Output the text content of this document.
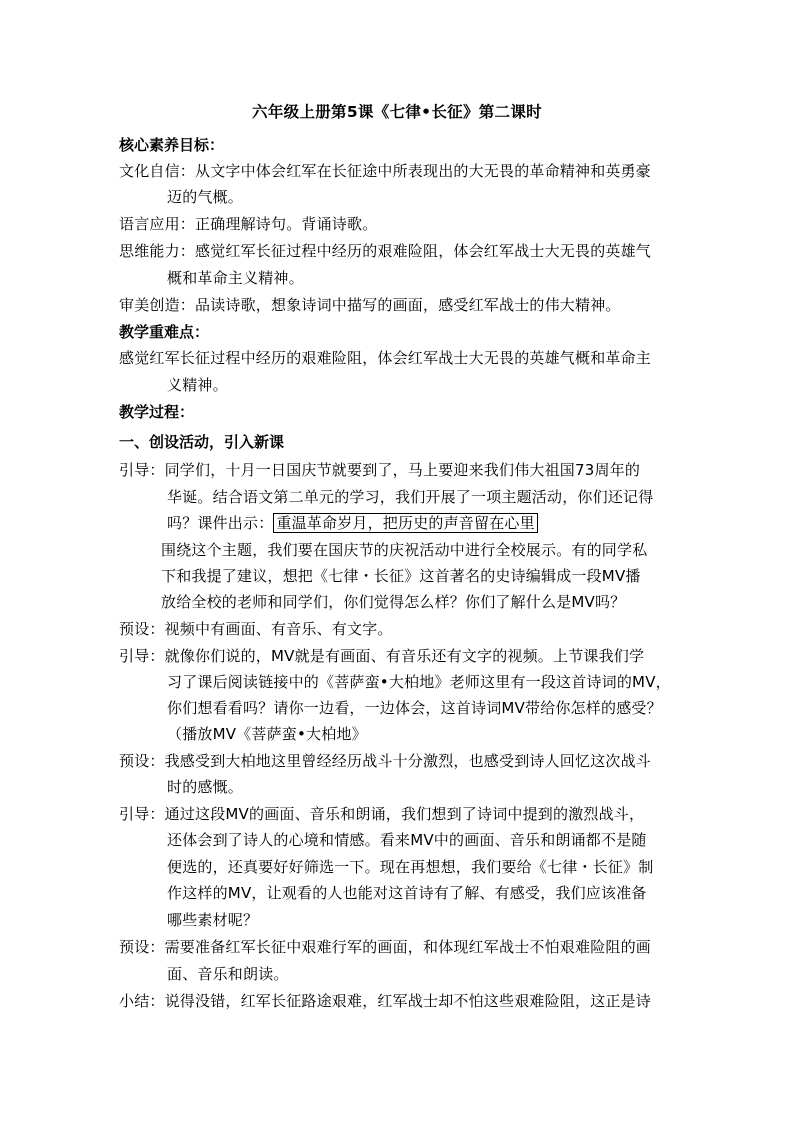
六年级上册第5课《七律•长征》第二课时
核心素养目标：
文化自信：从文字中体会红军在长征途中所表现出的大无畏的革命精神和英勇豪
迈的气概。
语言应用：正确理解诗句。背诵诗歌。
思维能力：感觉红军长征过程中经历的艰难险阻，体会红军战士大无畏的英雄气
概和革命主义精神。
审美创造：品读诗歌，想象诗词中描写的画面，感受红军战士的伟大精神。
教学重难点：
感觉红军长征过程中经历的艰难险阻，体会红军战士大无畏的英雄气概和革命主
义精神。
教学过程：
一、创设活动，引入新课
引导：同学们，十月一日国庆节就要到了，马上要迎来我们伟大祖国73周年的
华诞。结合语文第二单元的学习，我们开展了一项主题活动，你们还记得
吗？课件出示： 重温革命岁月，把历史的声音留在心里
围绕这个主题，我们要在国庆节的庆祝活动中进行全校展示。有的同学私
下和我提了建议，想把《七律・长征》这首著名的史诗编辑成一段MV播
放给全校的老师和同学们，你们觉得怎么样？你们了解什么是MV吗？
预设：视频中有画面、有音乐、有文字。
引导：就像你们说的，MV就是有画面、有音乐还有文字的视频。上节课我们学
习了课后阅读链接中的《菩萨蛮•大柏地》老师这里有一段这首诗词的MV，
你们想看看吗？请你一边看，一边体会，这首诗词MV带给你怎样的感受？
（播放MV《菩萨蛮•大柏地》
预设：我感受到大柏地这里曾经经历战斗十分激烈，也感受到诗人回忆这次战斗
时的感慨。
引导：通过这段MV的画面、音乐和朗诵，我们想到了诗词中提到的激烈战斗，
还体会到了诗人的心境和情感。看来MV中的画面、音乐和朗诵都不是随
便选的，还真要好好筛选一下。现在再想想，我们要给《七律・长征》制
作这样的MV，让观看的人也能对这首诗有了解、有感受，我们应该准备
哪些素材呢？
预设：需要准备红军长征中艰难行军的画面，和体现红军战士不怕艰难险阻的画
面、音乐和朗读。
小结：说得没错，红军长征路途艰难，红军战士却不怕这些艰难险阻，这正是诗
